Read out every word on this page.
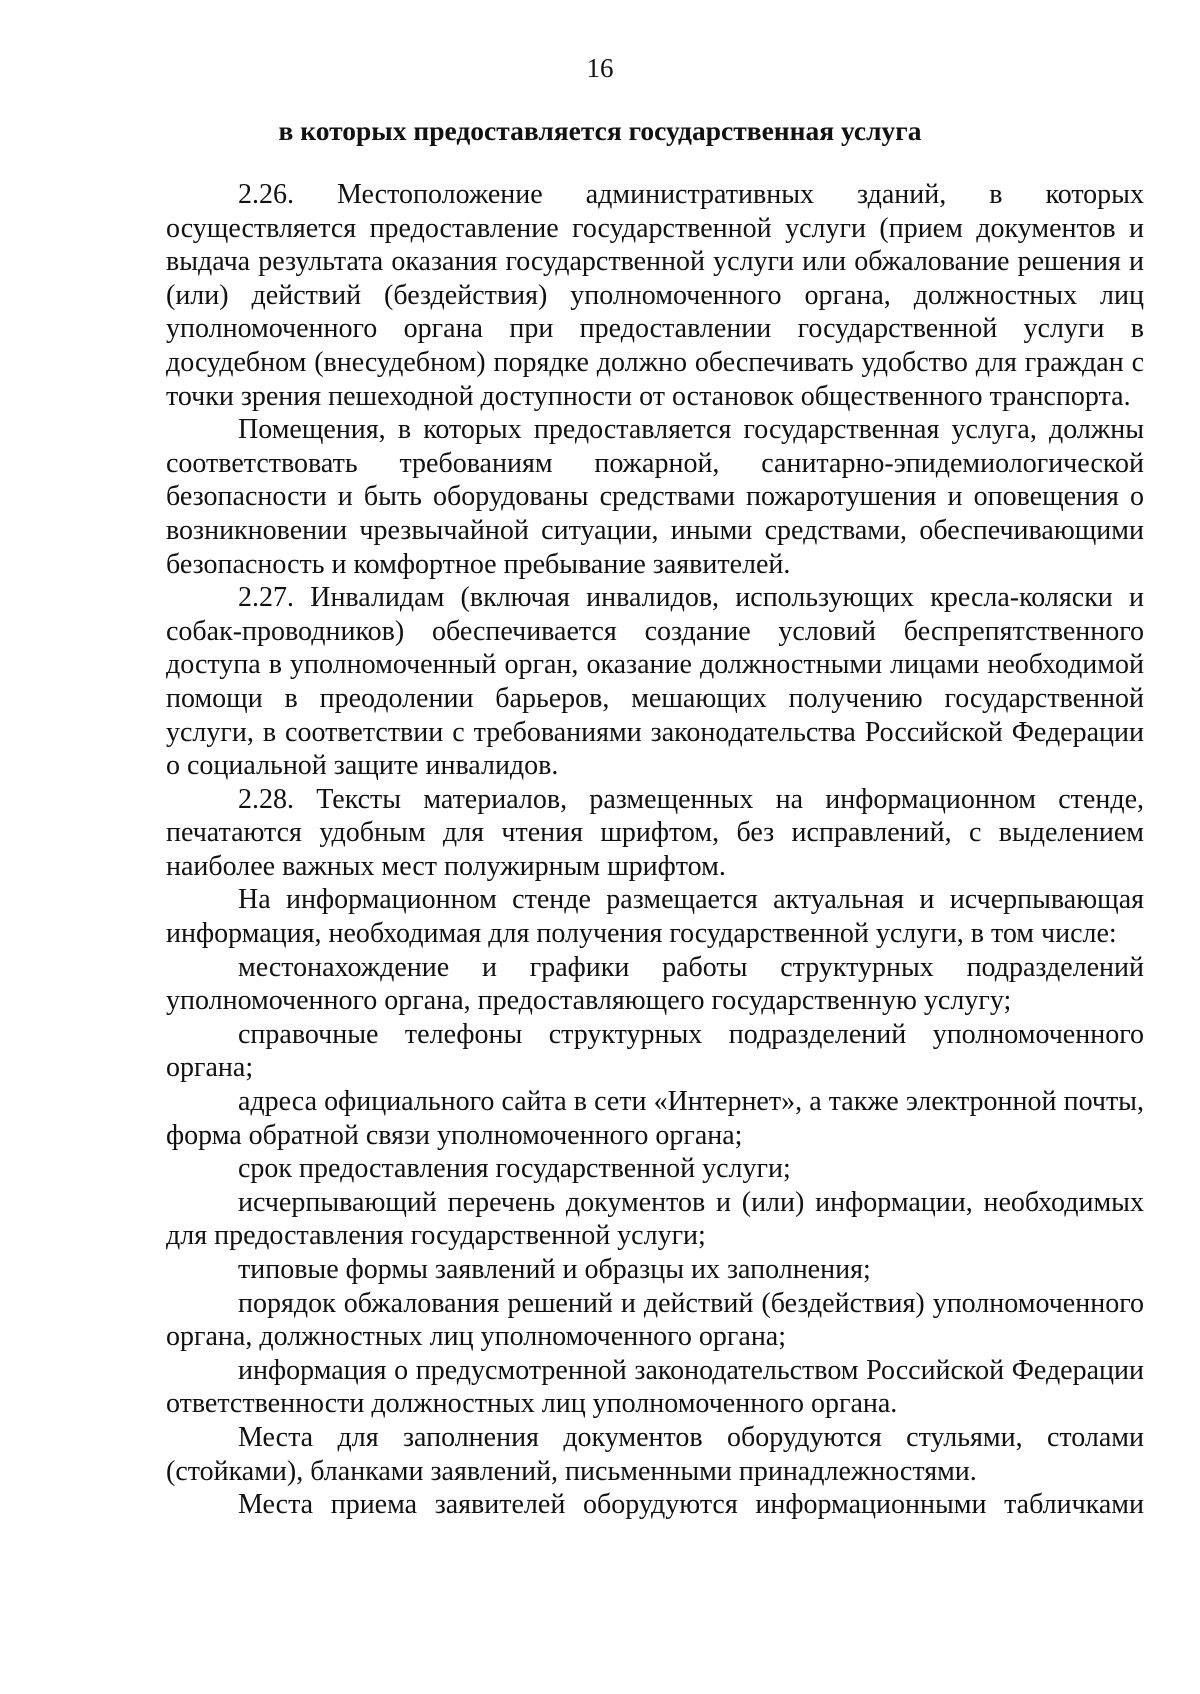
16
в которых предоставляется государственная услуга

2.26. Местоположение административных зданий, в которых осуществляется предоставление государственной услуги (прием документов и выдача результата оказания государственной услуги или обжалование решения и (или) действий (бездействия) уполномоченного органа, должностных лиц уполномоченного органа при предоставлении государственной услуги в досудебном (внесудебном) порядке должно обеспечивать удобство для граждан с точки зрения пешеходной доступности от остановок общественного транспорта.

Помещения, в которых предоставляется государственная услуга, должны соответствовать требованиям пожарной, санитарно-эпидемиологической безопасности и быть оборудованы средствами пожаротушения и оповещения о возникновении чрезвычайной ситуации, иными средствами, обеспечивающими безопасность и комфортное пребывание заявителей.

2.27. Инвалидам (включая инвалидов, использующих кресла-коляски и собак-проводников) обеспечивается создание условий беспрепятственного доступа в уполномоченный орган, оказание должностными лицами необходимой помощи в преодолении барьеров, мешающих получению государственной услуги, в соответствии с требованиями законодательства Российской Федерации о социальной защите инвалидов.

2.28. Тексты материалов, размещенных на информационном стенде, печатаются удобным для чтения шрифтом, без исправлений, с выделением наиболее важных мест полужирным шрифтом.

На информационном стенде размещается актуальная и исчерпывающая информация, необходимая для получения государственной услуги, в том числе:

местонахождение и графики работы структурных подразделений уполномоченного органа, предоставляющего государственную услугу;

справочные телефоны структурных подразделений уполномоченного органа;

адреса официального сайта в сети «Интернет», а также электронной почты, форма обратной связи уполномоченного органа;

срок предоставления государственной услуги;

исчерпывающий перечень документов и (или) информации, необходимых для предоставления государственной услуги;

типовые формы заявлений и образцы их заполнения;

порядок обжалования решений и действий (бездействия) уполномоченного органа, должностных лиц уполномоченного органа;

информация о предусмотренной законодательством Российской Федерации ответственности должностных лиц уполномоченного органа.

Места для заполнения документов оборудуются стульями, столами (стойками), бланками заявлений, письменными принадлежностями.

Места приема заявителей оборудуются информационными табличками
